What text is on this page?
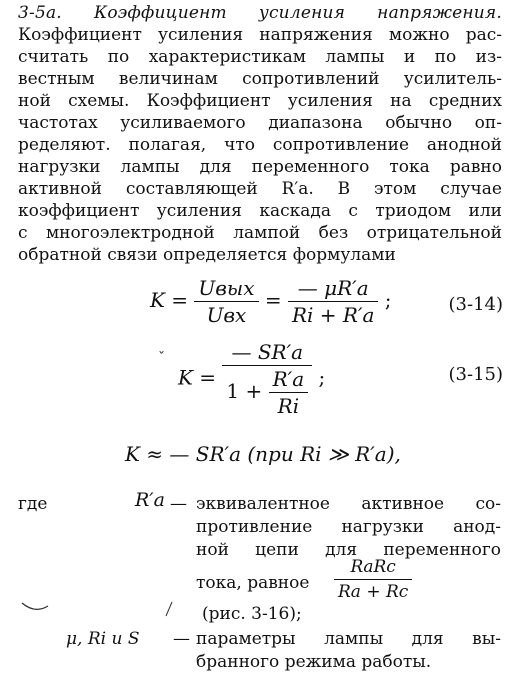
3-5а. Коэффициент усиления напряжения.
Коэффициент усиления напряжения можно рас-
считать по характеристикам лампы и по из-
вестным величинам сопротивлений усилитель-
ной схемы. Коэффициент усиления на средних
частотах усиливаемого диапазона обычно оп-
ределяют. полагая, что сопротивление анодной
нагрузки лампы для переменного тока равно
активной составляющей R′а. В этом случае
коэффициент усиления каскада с триодом или
с многоэлектродной лампой без отрицательной
обратной связи определяется формулами
$K = \frac{\text{Uвых}}{\text{Uвх}} = \frac{— \mu R'а}{Ri + R'а}$ ;	(3-14)
ˇ
$K = \frac{— SR'а}{1 + \frac{R'а}{Ri}}$ ;	(3-15)
K ≈ — SR′а (при Ri ≫ R′а),
где	R′а — эквивалентное активное со-
противление нагрузки анод-
ной цепи для переменного
тока, равное $\frac{\text{RаRс}}{Rа + Rс}$
(рис. 3-16);
μ, Ri и S — параметры лампы для вы-
бранного режима работы.
